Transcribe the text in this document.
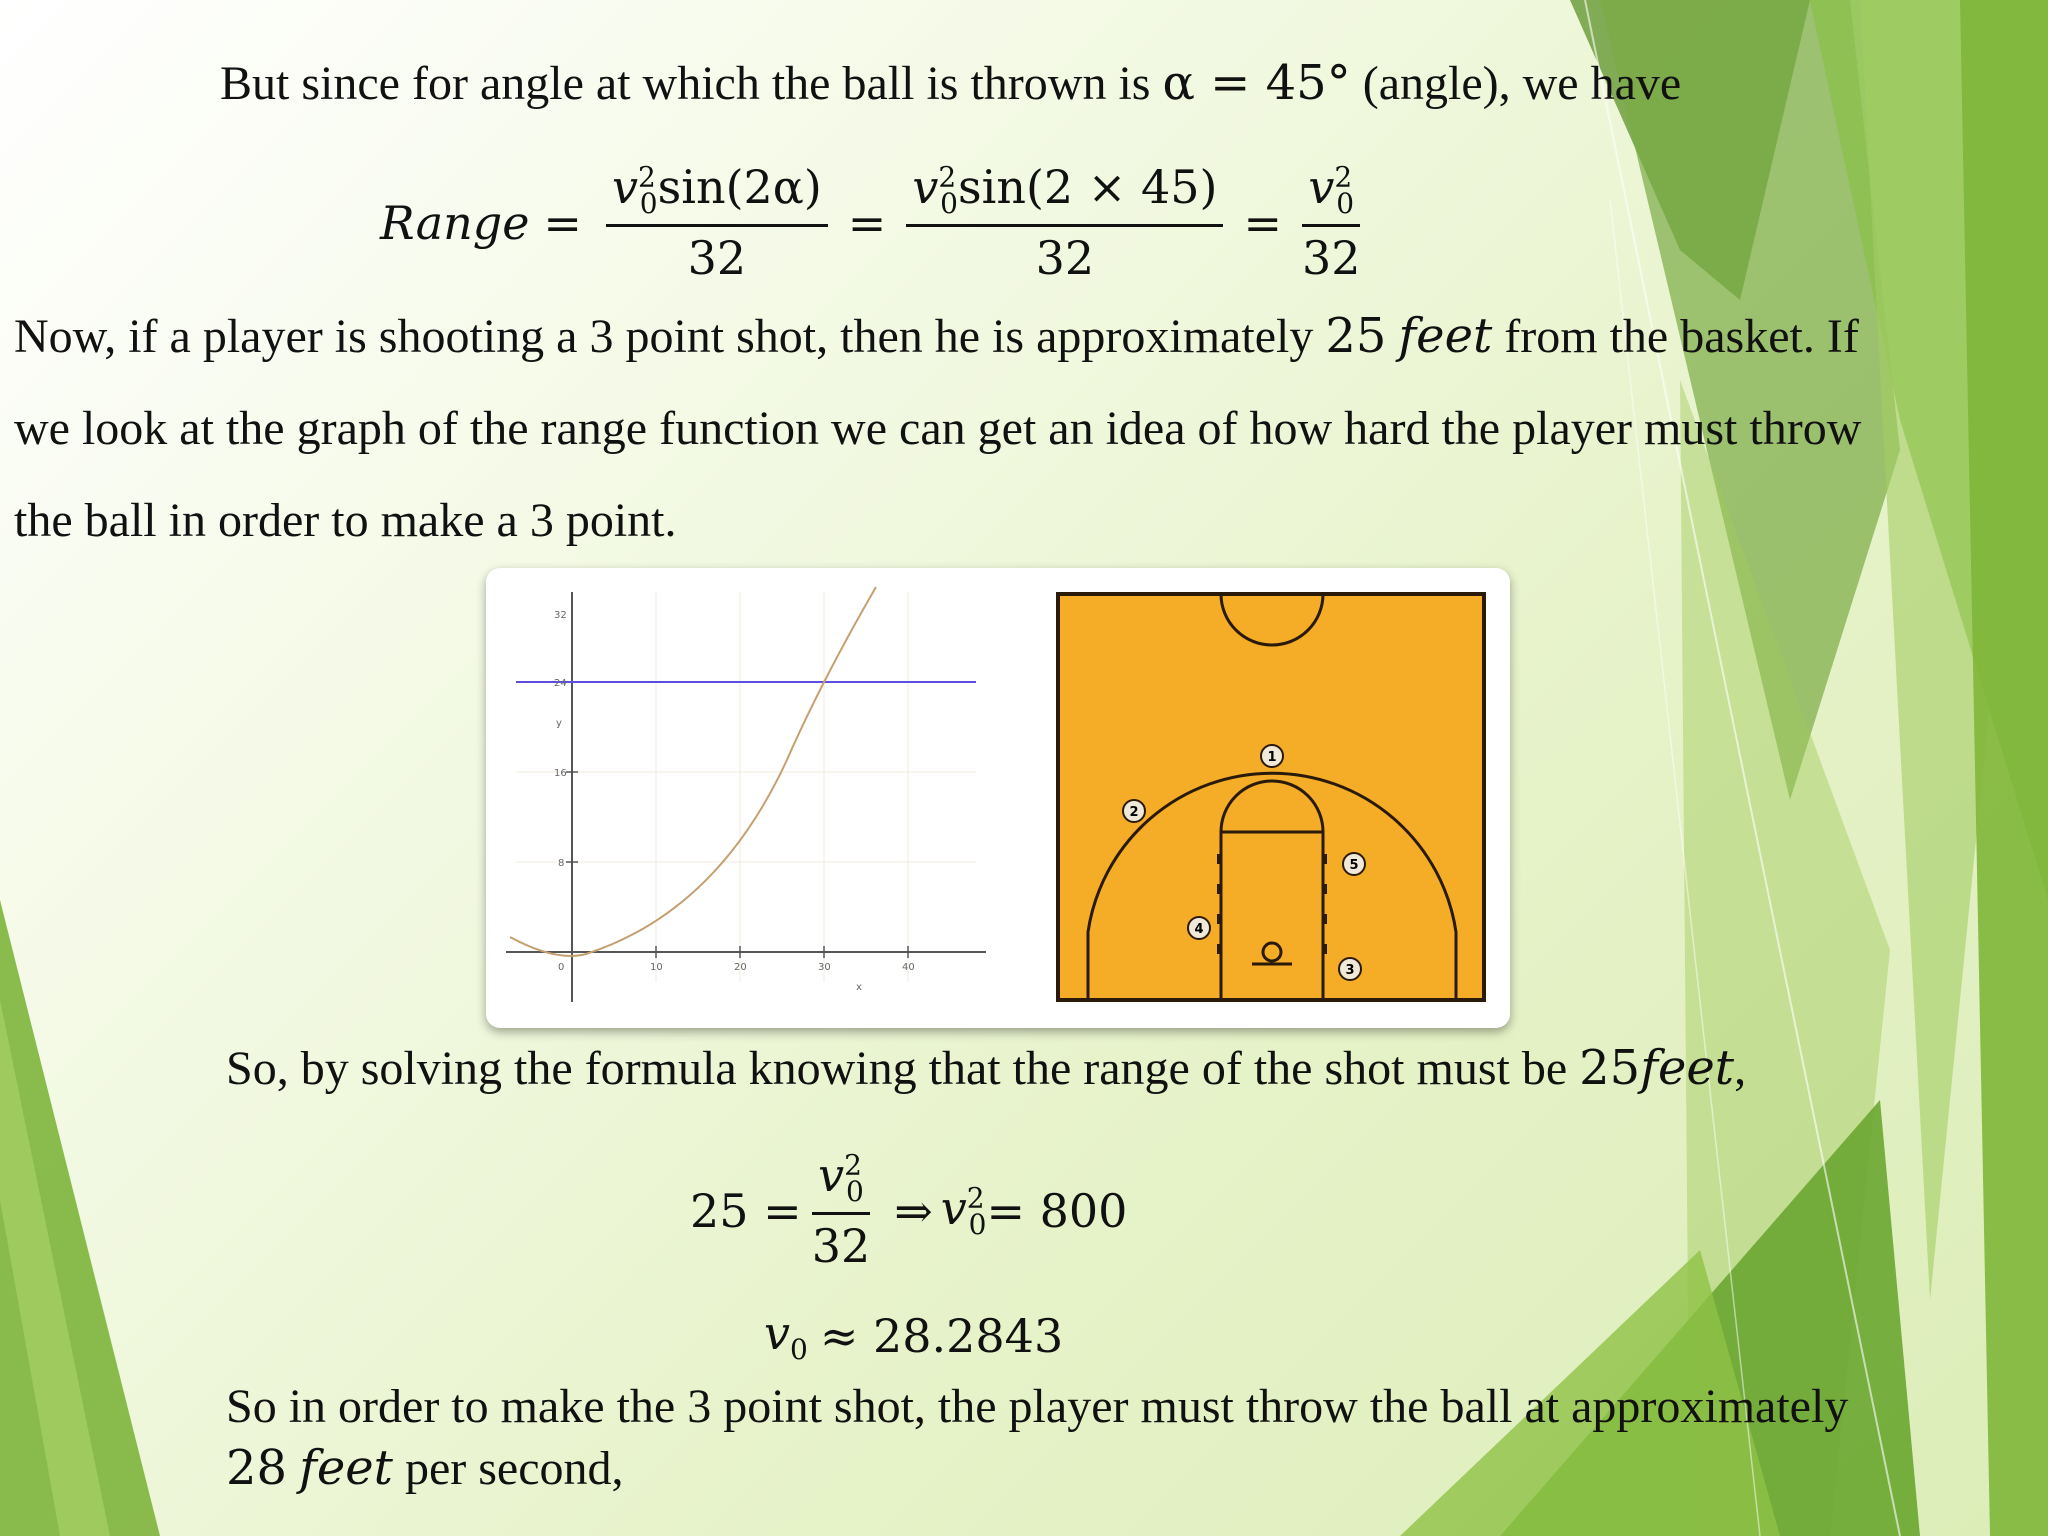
But since for angle at which the ball is thrown is α = 45° (angle), we have
Range = $\frac{v^2_0\sin(2\alpha)}{32} = \frac{v^2_0\sin(2 \times 45)}{32} = \frac{v^2_0}{32}$
Now, if a player is shooting a 3 point shot, then he is approximately 25 feet from the basket. If
we look at the graph of the range function we can get an idea of how hard the player must throw
the ball in order to make a 3 point.
32
24
16
8
y
0	10	20	30	40
x
1
2
3
4
5
So, by solving the formula knowing that the range of the shot must be 25feet,
$25 = \frac{v^2_0}{32}$ ⇒ $v^2_0 = 800$
$v_0 \approx 28.2843$
So in order to make the 3 point shot, the player must throw the ball at approximately
28 feet per second,
